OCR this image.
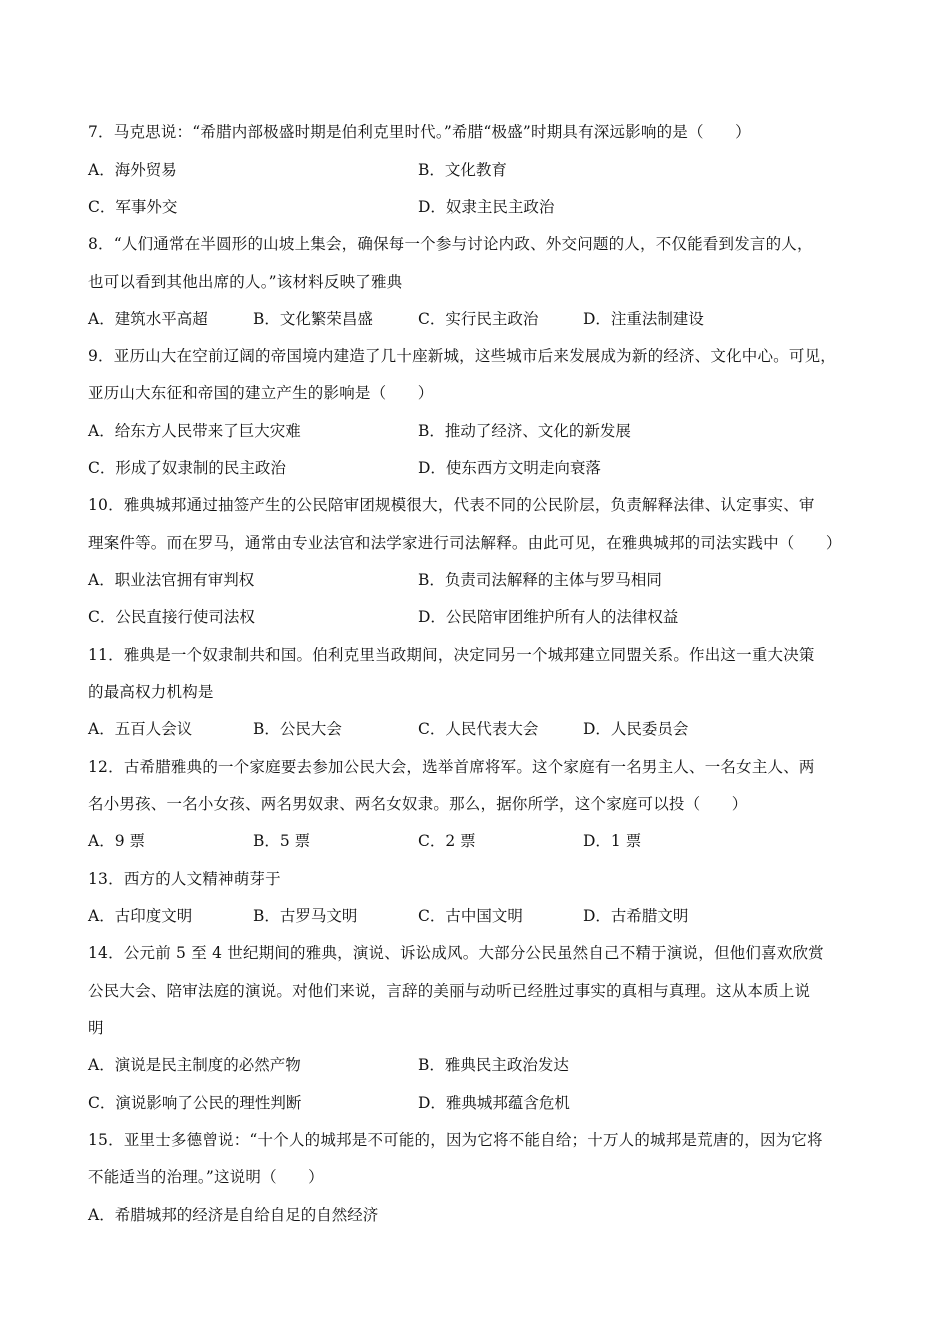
7．马克思说：“希腊内部极盛时期是伯利克里时代。”希腊“极盛”时期具有深远影响的是（　　）
A．海外贸易	B．文化教育
C．军事外交	D．奴隶主民主政治
8．“人们通常在半圆形的山坡上集会，确保每一个参与讨论内政、外交问题的人，不仅能看到发言的人，
也可以看到其他出席的人。”该材料反映了雅典
A．建筑水平高超	B．文化繁荣昌盛	C．实行民主政治	D．注重法制建设
9．亚历山大在空前辽阔的帝国境内建造了几十座新城，这些城市后来发展成为新的经济、文化中心。可见，
亚历山大东征和帝国的建立产生的影响是（　　）
A．给东方人民带来了巨大灾难	B．推动了经济、文化的新发展
C．形成了奴隶制的民主政治	D．使东西方文明走向衰落
10．雅典城邦通过抽签产生的公民陪审团规模很大，代表不同的公民阶层，负责解释法律、认定事实、审
理案件等。而在罗马，通常由专业法官和法学家进行司法解释。由此可见，在雅典城邦的司法实践中（　　）
A．职业法官拥有审判权	B．负责司法解释的主体与罗马相同
C．公民直接行使司法权	D．公民陪审团维护所有人的法律权益
11．雅典是一个奴隶制共和国。伯利克里当政期间，决定同另一个城邦建立同盟关系。作出这一重大决策
的最高权力机构是
A．五百人会议	B．公民大会	C．人民代表大会	D．人民委员会
12．古希腊雅典的一个家庭要去参加公民大会，选举首席将军。这个家庭有一名男主人、一名女主人、两
名小男孩、一名小女孩、两名男奴隶、两名女奴隶。那么，据你所学，这个家庭可以投（　　）
A．9 票	B．5 票	C．2 票	D．1 票
13．西方的人文精神萌芽于
A．古印度文明	B．古罗马文明	C．古中国文明	D．古希腊文明
14．公元前 5 至 4 世纪期间的雅典，演说、诉讼成风。大部分公民虽然自己不精于演说，但他们喜欢欣赏
公民大会、陪审法庭的演说。对他们来说，言辞的美丽与动听已经胜过事实的真相与真理。这从本质上说
明
A．演说是民主制度的必然产物	B．雅典民主政治发达
C．演说影响了公民的理性判断	D．雅典城邦蕴含危机
15．亚里士多德曾说：“十个人的城邦是不可能的，因为它将不能自给；十万人的城邦是荒唐的，因为它将
不能适当的治理。”这说明（　　）
A．希腊城邦的经济是自给自足的自然经济
